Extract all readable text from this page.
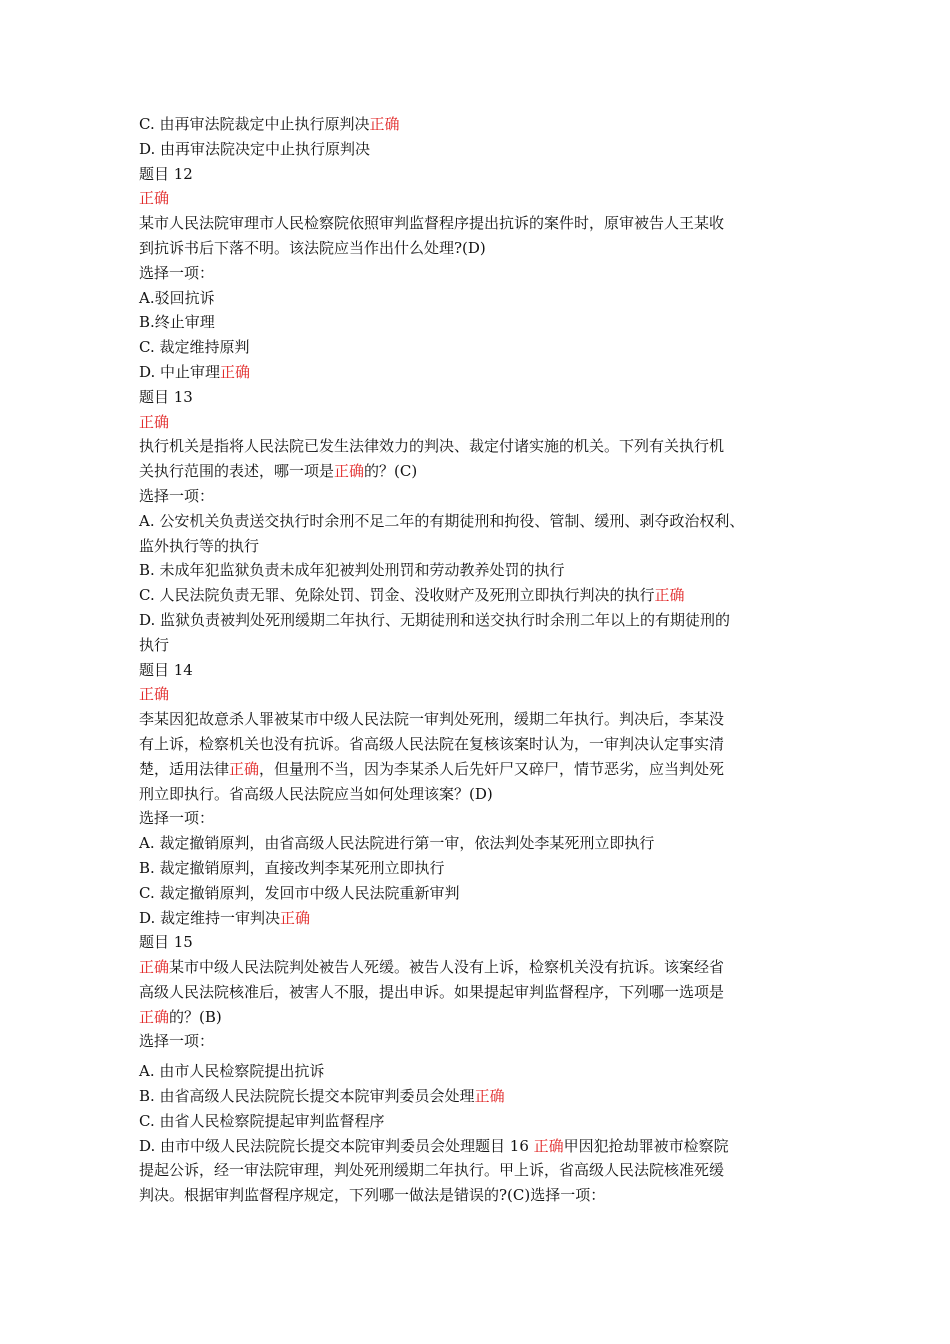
C. 由再审法院裁定中止执行原判决正确
D. 由再审法院决定中止执行原判决
题目 12
正确
某市人民法院审理市人民检察院依照审判监督程序提出抗诉的案件时，原审被告人王某收
到抗诉书后下落不明。该法院应当作出什么处理?(D)
选择一项：
A.驳回抗诉
B.终止审理
C. 裁定维持原判
D. 中止审理正确
题目 13
正确
执行机关是指将人民法院已发生法律效力的判决、裁定付诸实施的机关。下列有关执行机
关执行范围的表述，哪一项是正确的？(C)
选择一项：
A. 公安机关负责送交执行时余刑不足二年的有期徒刑和拘役、管制、缓刑、剥夺政治权利、
监外执行等的执行
B. 未成年犯监狱负责未成年犯被判处刑罚和劳动教养处罚的执行
C. 人民法院负责无罪、免除处罚、罚金、没收财产及死刑立即执行判决的执行正确
D. 监狱负责被判处死刑缓期二年执行、无期徒刑和送交执行时余刑二年以上的有期徒刑的
执行
题目 14
正确
李某因犯故意杀人罪被某市中级人民法院一审判处死刑，缓期二年执行。判决后，李某没
有上诉，检察机关也没有抗诉。省高级人民法院在复核该案时认为，一审判决认定事实清
楚，适用法律正确，但量刑不当，因为李某杀人后先奸尸又碎尸，情节恶劣，应当判处死
刑立即执行。省高级人民法院应当如何处理该案？(D)
选择一项：
A. 裁定撤销原判，由省高级人民法院进行第一审，依法判处李某死刑立即执行
B. 裁定撤销原判，直接改判李某死刑立即执行
C. 裁定撤销原判，发回市中级人民法院重新审判
D. 裁定维持一审判决正确
题目 15
正确某市中级人民法院判处被告人死缓。被告人没有上诉，检察机关没有抗诉。该案经省
高级人民法院核准后，被害人不服，提出申诉。如果提起审判监督程序，下列哪一选项是
正确的？(B)
选择一项：
A. 由市人民检察院提出抗诉
B. 由省高级人民法院院长提交本院审判委员会处理正确
C. 由省人民检察院提起审判监督程序
D. 由市中级人民法院院长提交本院审判委员会处理题目 16 正确甲因犯抢劫罪被市检察院
提起公诉，经一审法院审理，判处死刑缓期二年执行。甲上诉，省高级人民法院核准死缓
判决。根据审判监督程序规定，下列哪一做法是错误的?(C)选择一项：
